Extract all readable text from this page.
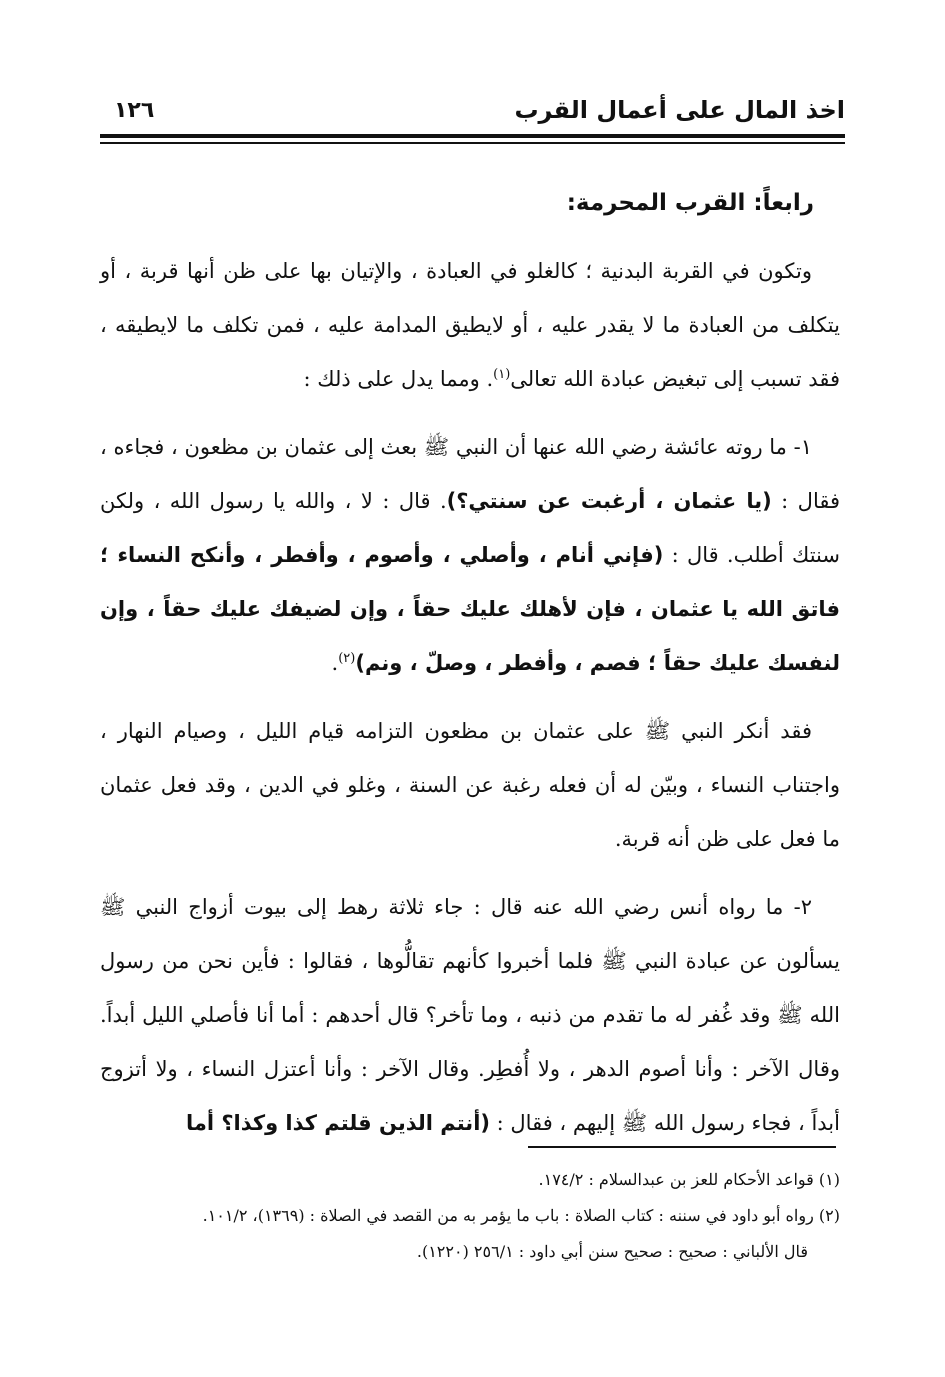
اخذ المال على أعمال القرب
١٢٦

رابعاً: القرب المحرمة:

وتكون في القربة البدنية ؛ كالغلو في العبادة ، والإتيان بها على ظن أنها قربة ، أو يتكلف من العبادة ما لا يقدر عليه ، أو لايطيق المدامة عليه ، فمن تكلف ما لايطيقه ، فقد تسبب إلى تبغيض عبادة الله تعالى$^{(١)}$. ومما يدل على ذلك :

١- ما روته عائشة رضي الله عنها أن النبي ﷺ بعث إلى عثمان بن مظعون ، فجاءه ، فقال : (يا عثمان ، أرغبت عن سنتي؟). قال : لا ، والله يا رسول الله ، ولكن سنتك أطلب. قال : (فإني أنام ، وأصلي ، وأصوم ، وأفطر ، وأنكح النساء ؛ فاتق الله يا عثمان ، فإن لأهلك عليك حقاً ، وإن لضيفك عليك حقاً ، وإن لنفسك عليك حقاً ؛ فصم ، وأفطر ، وصلّ ، ونم)$^{(٢)}$.

فقد أنكر النبي ﷺ على عثمان بن مظعون التزامه قيام الليل ، وصيام النهار ، واجتناب النساء ، وبيّن له أن فعله رغبة عن السنة ، وغلو في الدين ، وقد فعل عثمان ما فعل على ظن أنه قربة.

٢- ما رواه أنس رضي الله عنه قال : جاء ثلاثة رهط إلى بيوت أزواج النبي ﷺ يسألون عن عبادة النبي ﷺ فلما أخبروا كأنهم تقالُّوها ، فقالوا : فأين نحن من رسول الله ﷺ وقد غُفر له ما تقدم من ذنبه ، وما تأخر؟ قال أحدهم : أما أنا فأصلي الليل أبداً. وقال الآخر : وأنا أصوم الدهر ، ولا أُفطِر. وقال الآخر : وأنا أعتزل النساء ، ولا أتزوج أبداً ، فجاء رسول الله ﷺ إليهم ، فقال : (أنتم الذين قلتم كذا وكذا؟ أما

(١) قواعد الأحكام للعز بن عبدالسلام : ١٧٤/٢.
(٢) رواه أبو داود في سننه : كتاب الصلاة : باب ما يؤمر به من القصد في الصلاة : (١٣٦٩)، ١٠١/٢.
قال الألباني : صحيح : صحيح سنن أبي داود : ٢٥٦/١ (١٢٢٠).
